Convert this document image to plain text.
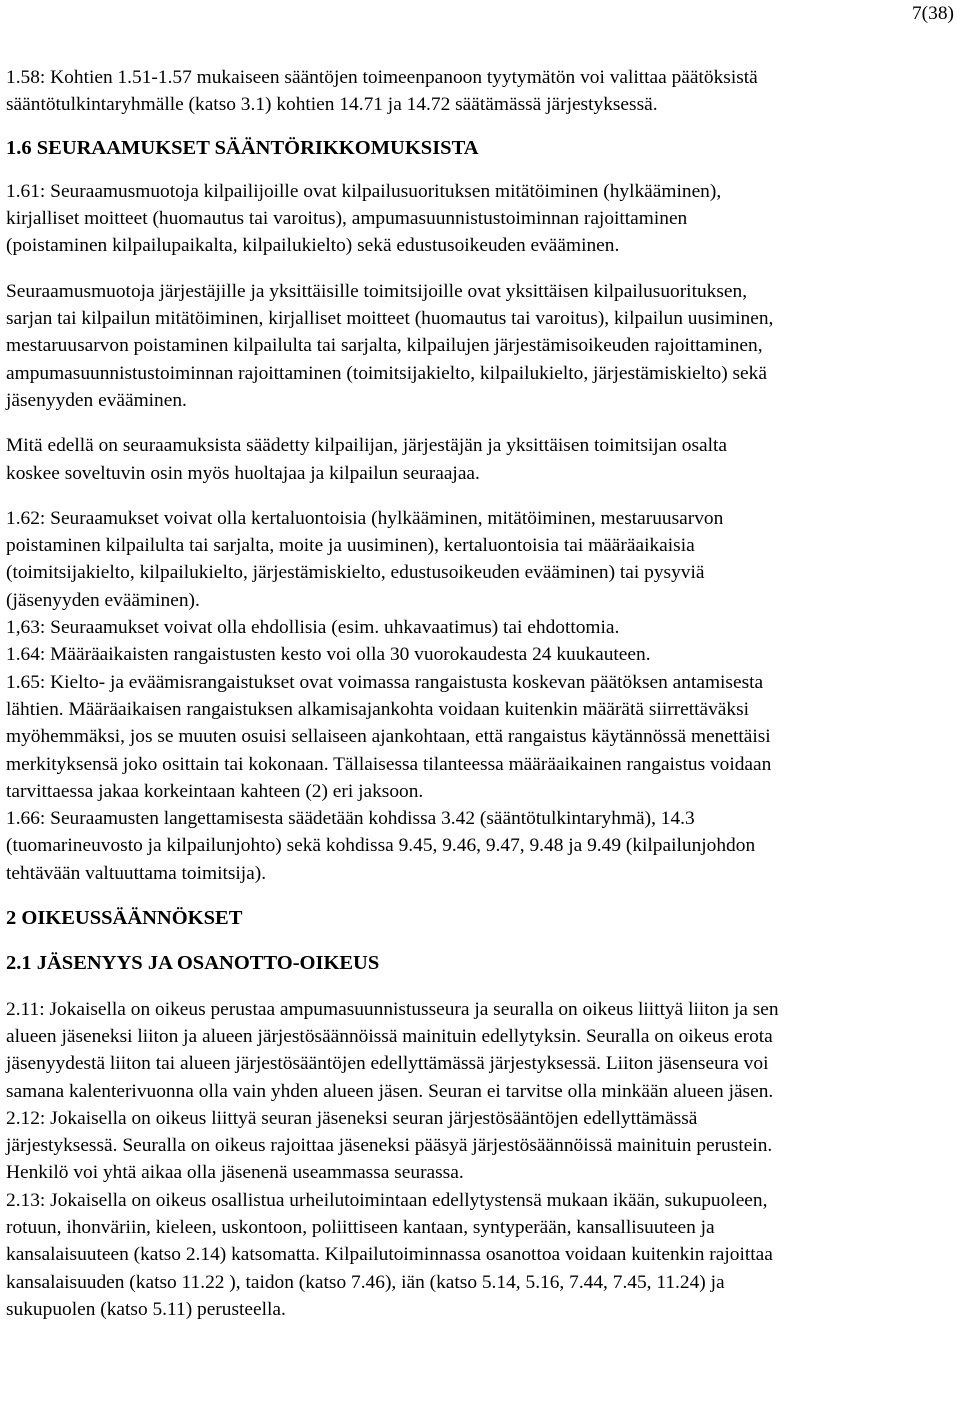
7(38)

1.58: Kohtien 1.51-1.57 mukaiseen sääntöjen toimeenpanoon tyytymätön voi valittaa päätöksistä
sääntötulkintaryhmälle (katso 3.1) kohtien 14.71 ja 14.72 säätämässä järjestyksessä.

1.6 SEURAAMUKSET SÄÄNTÖRIKKOMUKSISTA

1.61: Seuraamusmuotoja kilpailijoille ovat kilpailusuorituksen mitätöiminen (hylkääminen),
kirjalliset moitteet (huomautus tai varoitus), ampumasuunnistustoiminnan rajoittaminen
(poistaminen kilpailupaikalta, kilpailukielto) sekä edustusoikeuden evääminen.

Seuraamusmuotoja järjestäjille ja yksittäisille toimitsijoille ovat yksittäisen kilpailusuorituksen,
sarjan tai kilpailun mitätöiminen, kirjalliset moitteet (huomautus tai varoitus), kilpailun uusiminen,
mestaruusarvon poistaminen kilpailulta tai sarjalta, kilpailujen järjestämisoikeuden rajoittaminen,
ampumasuunnistustoiminnan rajoittaminen (toimitsijakielto, kilpailukielto, järjestämiskielto) sekä
jäsenyyden evääminen.

Mitä edellä on seuraamuksista säädetty kilpailijan, järjestäjän ja yksittäisen toimitsijan osalta
koskee soveltuvin osin myös huoltajaa ja kilpailun seuraajaa.

1.62: Seuraamukset voivat olla kertaluontoisia (hylkääminen, mitätöiminen, mestaruusarvon
poistaminen kilpailulta tai sarjalta, moite ja uusiminen), kertaluontoisia tai määräaikaisia
(toimitsijakielto, kilpailukielto, järjestämiskielto, edustusoikeuden evääminen) tai pysyviä
(jäsenyyden evääminen).
1,63: Seuraamukset voivat olla ehdollisia (esim. uhkavaatimus) tai ehdottomia.
1.64: Määräaikaisten rangaistusten kesto voi olla 30 vuorokaudesta 24 kuukauteen.
1.65: Kielto- ja eväämisrangaistukset ovat voimassa rangaistusta koskevan päätöksen antamisesta
lähtien. Määräaikaisen rangaistuksen alkamisajankohta voidaan kuitenkin määrätä siirrettäväksi
myöhemmäksi, jos se muuten osuisi sellaiseen ajankohtaan, että rangaistus käytännössä menettäisi
merkityksensä joko osittain tai kokonaan. Tällaisessa tilanteessa määräaikainen rangaistus voidaan
tarvittaessa jakaa korkeintaan kahteen (2) eri jaksoon.
1.66: Seuraamusten langettamisesta säädetään kohdissa 3.42 (sääntötulkintaryhmä), 14.3
(tuomarineuvosto ja kilpailunjohto) sekä kohdissa 9.45, 9.46, 9.47, 9.48 ja 9.49 (kilpailunjohdon
tehtävään valtuuttama toimitsija).

2 OIKEUSSÄÄNNÖKSET
2.1 JÄSENYYS JA OSANOTTO-OIKEUS

2.11: Jokaisella on oikeus perustaa ampumasuunnistusseura ja seuralla on oikeus liittyä liiton ja sen
alueen jäseneksi liiton ja alueen järjestösäännöissä mainituin edellytyksin. Seuralla on oikeus erota
jäsenyydestä liiton tai alueen järjestösääntöjen edellyttämässä järjestyksessä. Liiton jäsenseura voi
samana kalenterivuonna olla vain yhden alueen jäsen. Seuran ei tarvitse olla minkään alueen jäsen.
2.12: Jokaisella on oikeus liittyä seuran jäseneksi seuran järjestösääntöjen edellyttämässä
järjestyksessä. Seuralla on oikeus rajoittaa jäseneksi pääsyä järjestösäännöissä mainituin perustein.
Henkilö voi yhtä aikaa olla jäsenenä useammassa seurassa.
2.13: Jokaisella on oikeus osallistua urheilutoimintaan edellytystensä mukaan ikään, sukupuoleen,
rotuun, ihonväriin, kieleen, uskontoon, poliittiseen kantaan, syntyperään, kansallisuuteen ja
kansalaisuuteen (katso 2.14) katsomatta. Kilpailutoiminnassa osanottoa voidaan kuitenkin rajoittaa
kansalaisuuden (katso 11.22 ), taidon (katso 7.46), iän (katso 5.14, 5.16, 7.44, 7.45, 11.24) ja
sukupuolen (katso 5.11) perusteella.
